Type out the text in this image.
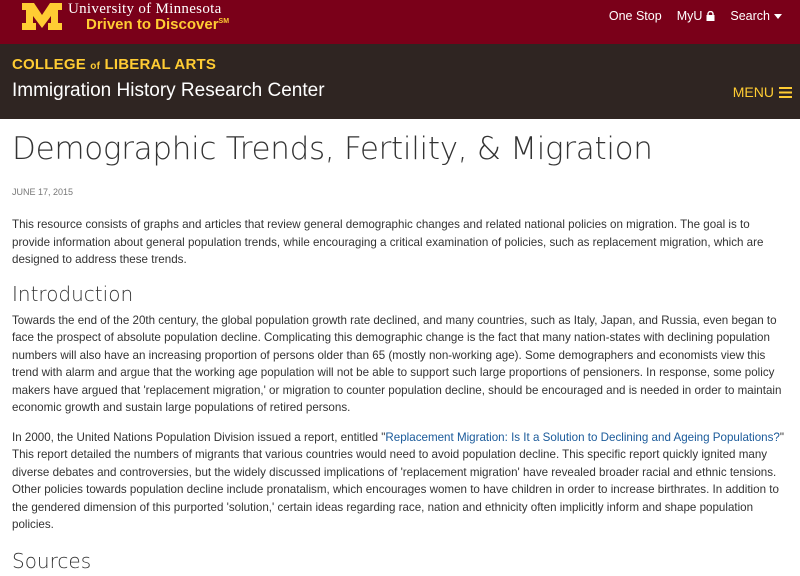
University of Minnesota
Driven to Discover℠	One Stop MyU Search
COLLEGE of LIBERAL ARTS
Immigration History Research Center	MENU
Demographic Trends, Fertility, & Migration
JUNE 17, 2015

This resource consists of graphs and articles that review general demographic changes and related national policies on migration. The goal is to provide information about general population trends, while encouraging a critical examination of policies, such as replacement migration, which are designed to address these trends.

Introduction

Towards the end of the 20th century, the global population growth rate declined, and many countries, such as Italy, Japan, and Russia, even began to face the prospect of absolute population decline. Complicating this demographic change is the fact that many nation-states with declining population numbers will also have an increasing proportion of persons older than 65 (mostly non-working age). Some demographers and economists view this trend with alarm and argue that the working age population will not be able to support such large proportions of pensioners. In response, some policy makers have argued that 'replacement migration,' or migration to counter population decline, should be encouraged and is needed in order to maintain economic growth and sustain large populations of retired persons.

In 2000, the United Nations Population Division issued a report, entitled "Replacement Migration: Is It a Solution to Declining and Ageing Populations?" This report detailed the numbers of migrants that various countries would need to avoid population decline. This specific report quickly ignited many diverse debates and controversies, but the widely discussed implications of 'replacement migration' have revealed broader racial and ethnic tensions. Other policies towards population decline include pronatalism, which encourages women to have children in order to increase birthrates. In addition to the gendered dimension of this purported 'solution,' certain ideas regarding race, nation and ethnicity often implicitly inform and shape population policies.

Sources
